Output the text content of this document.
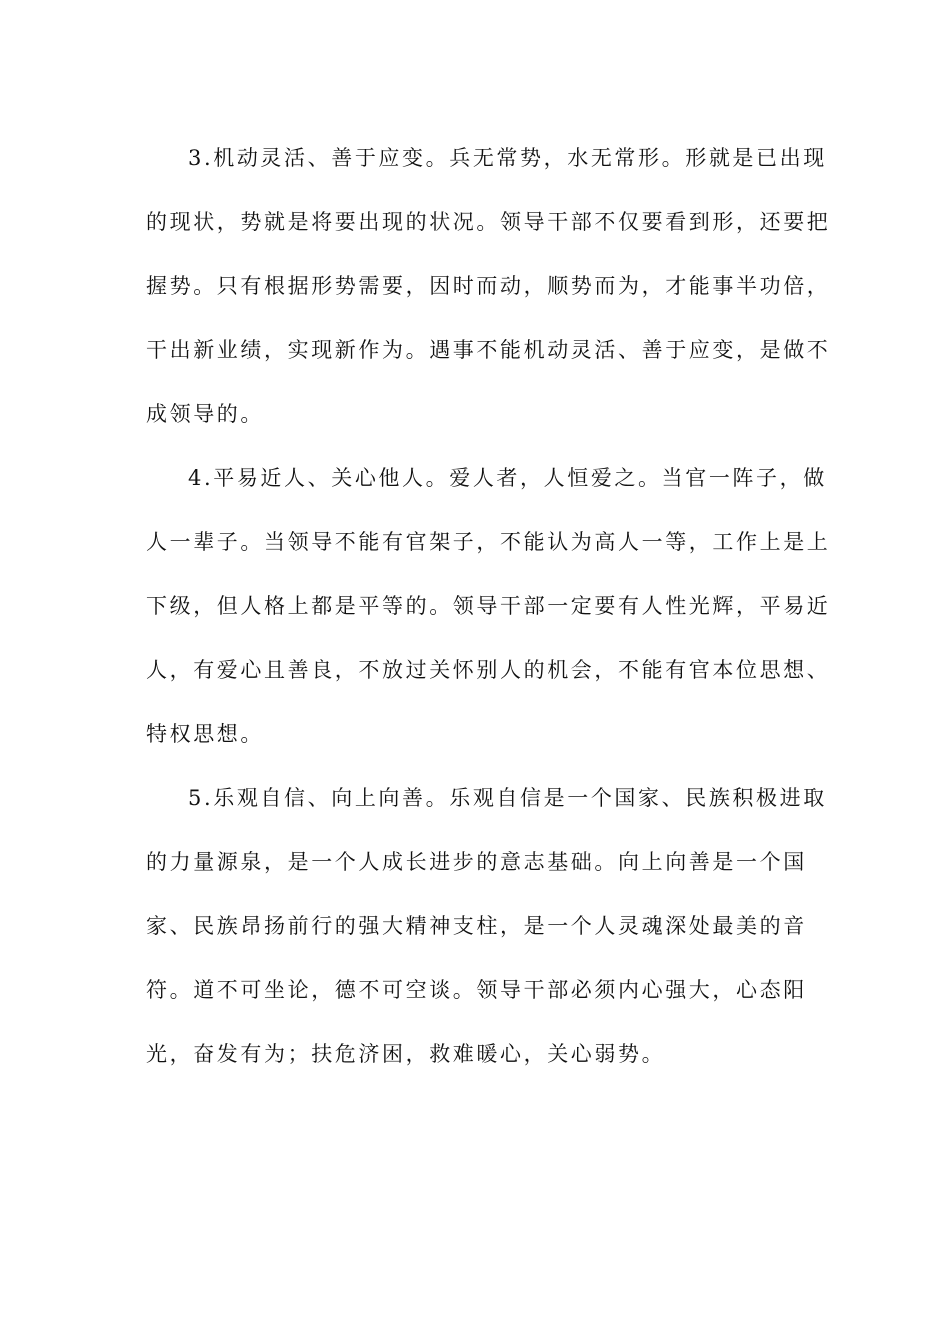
3.机动灵活、善于应变。兵无常势，水无常形。形就是已出现
的现状，势就是将要出现的状况。领导干部不仅要看到形，还要把
握势。只有根据形势需要，因时而动，顺势而为，才能事半功倍，
干出新业绩，实现新作为。遇事不能机动灵活、善于应变，是做不
成领导的。

4.平易近人、关心他人。爱人者，人恒爱之。当官一阵子，做
人一辈子。当领导不能有官架子，不能认为高人一等，工作上是上
下级，但人格上都是平等的。领导干部一定要有人性光辉，平易近
人，有爱心且善良，不放过关怀别人的机会，不能有官本位思想、
特权思想。

5.乐观自信、向上向善。乐观自信是一个国家、民族积极进取
的力量源泉，是一个人成长进步的意志基础。向上向善是一个国
家、民族昂扬前行的强大精神支柱，是一个人灵魂深处最美的音
符。道不可坐论，德不可空谈。领导干部必须内心强大，心态阳
光，奋发有为；扶危济困，救难暖心，关心弱势。
